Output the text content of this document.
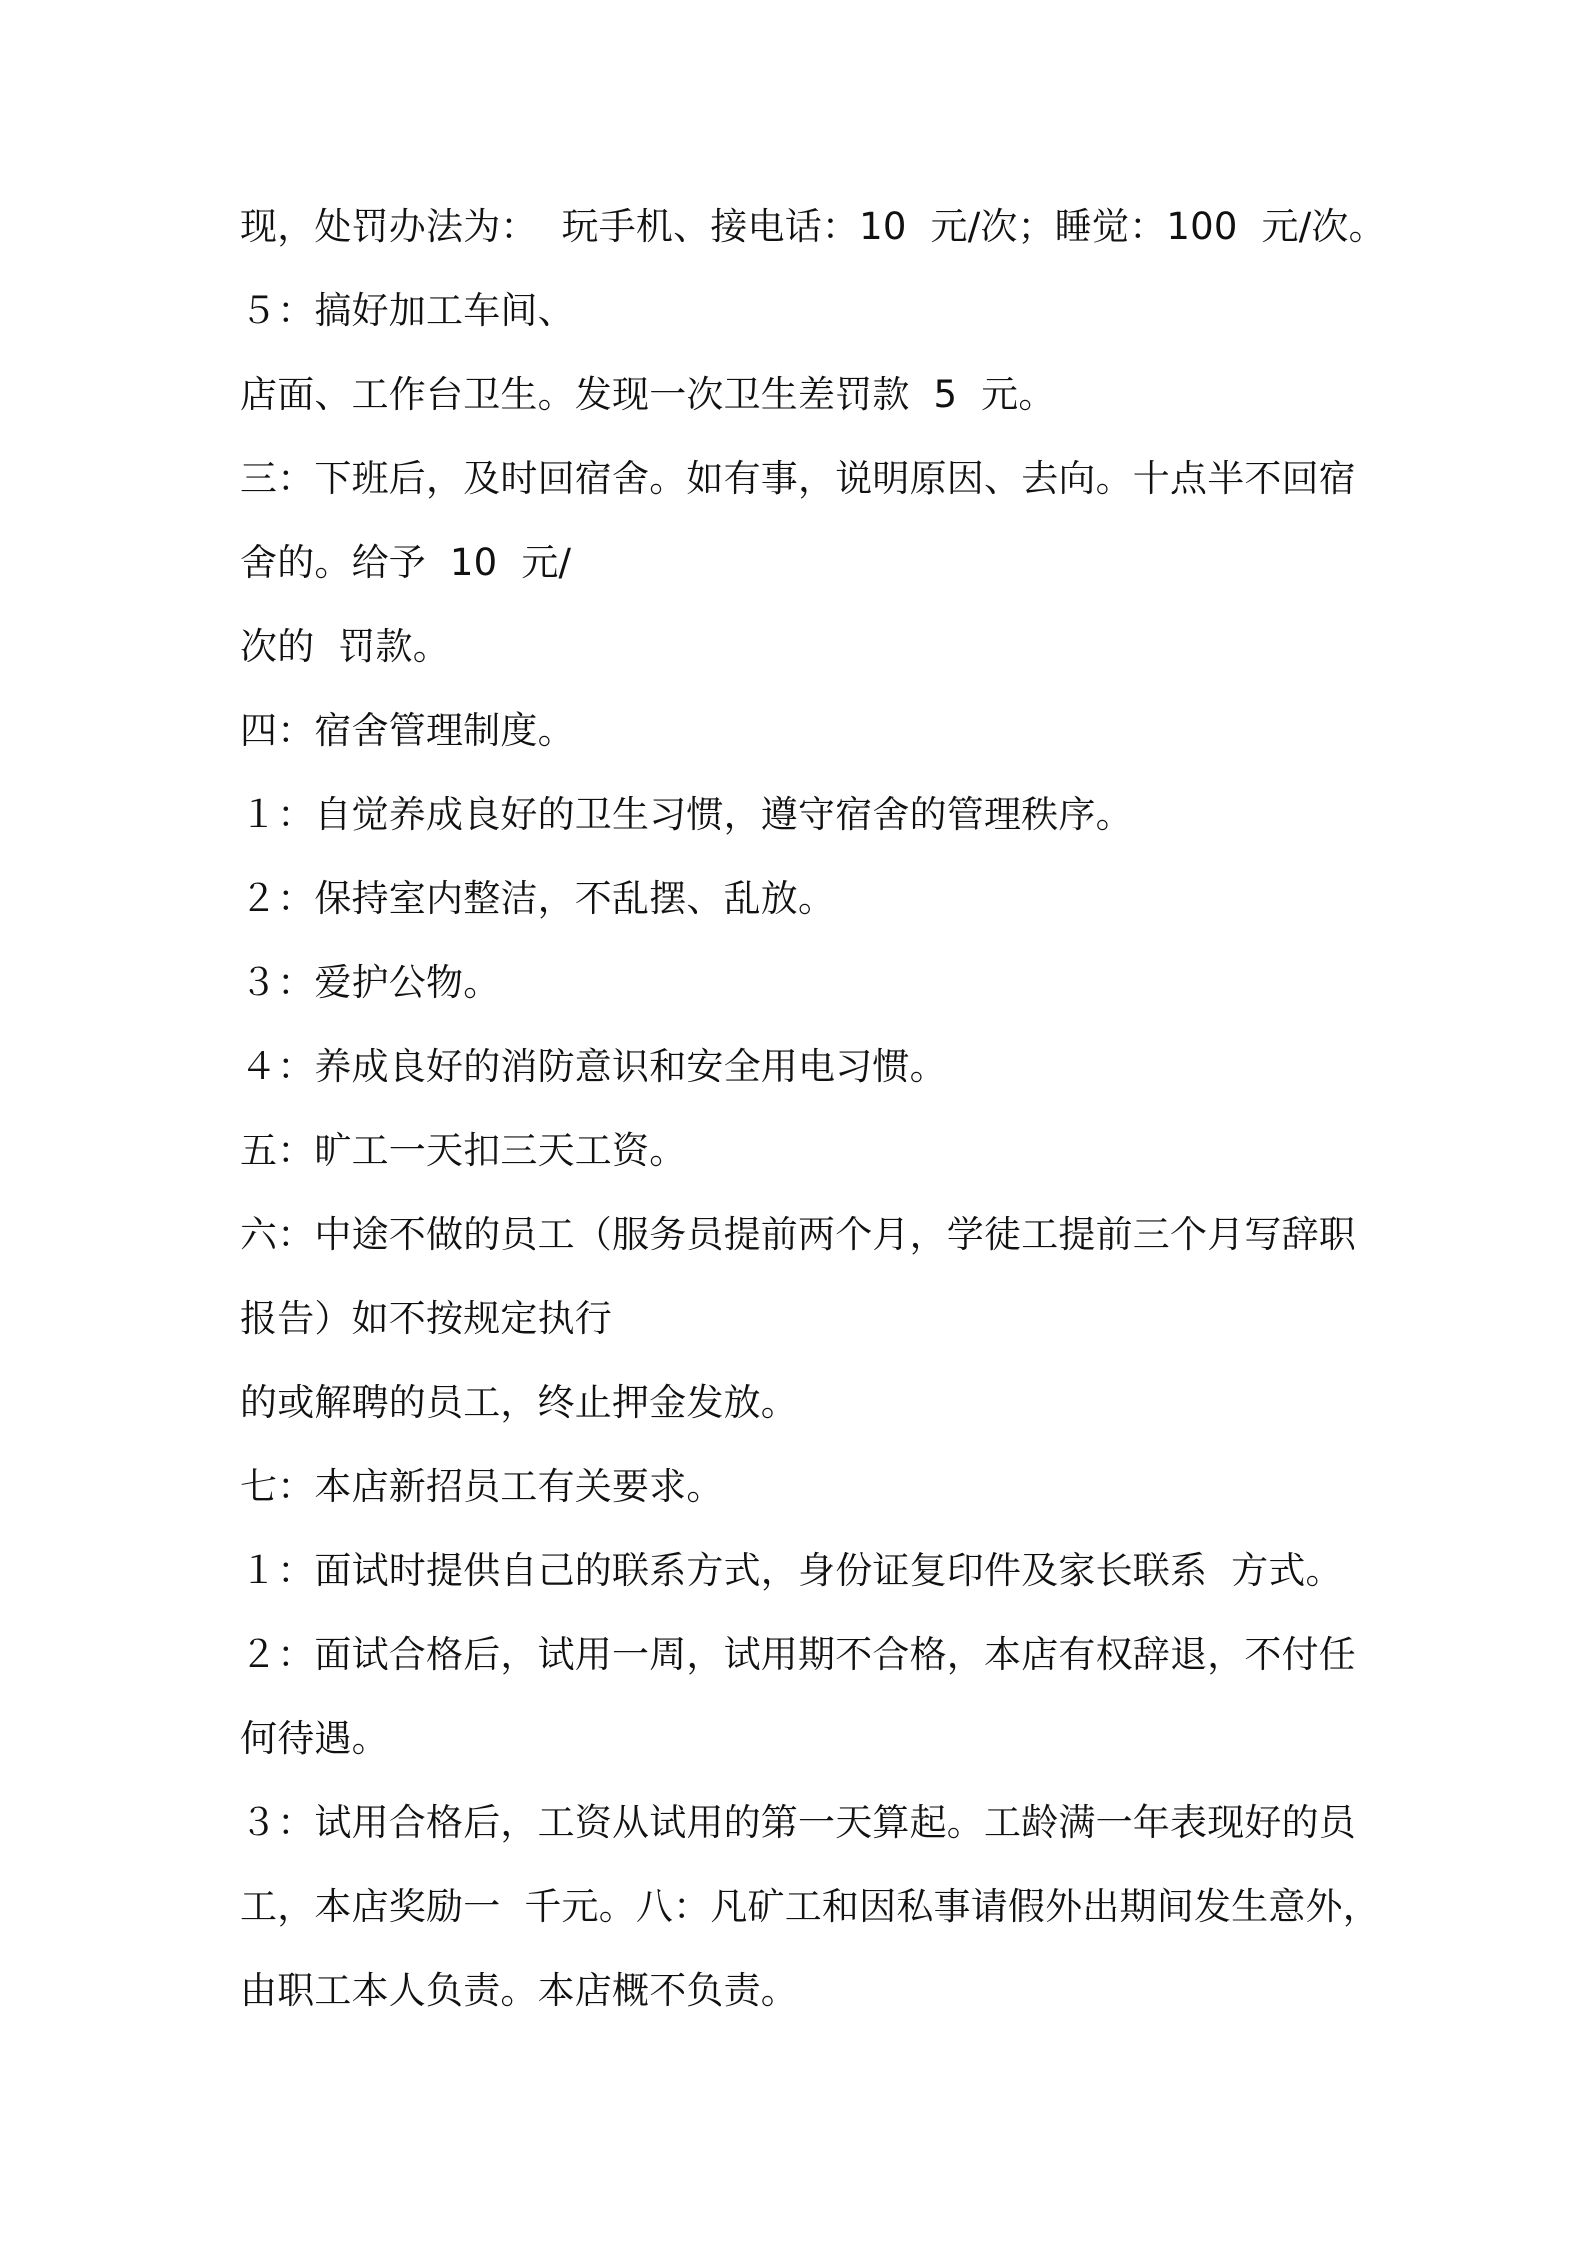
现，处罚办法为：  玩手机、接电话：10  元/次；睡觉：100  元/次。
５：搞好加工车间、
店面、工作台卫生。发现一次卫生差罚款  5  元。
三：下班后，及时回宿舍。如有事，说明原因、去向。十点半不回宿
舍的。给予  10  元/
次的  罚款。
四：宿舍管理制度。
１：自觉养成良好的卫生习惯，遵守宿舍的管理秩序。
２：保持室内整洁，不乱摆、乱放。
３：爱护公物。
４：养成良好的消防意识和安全用电习惯。
五：旷工一天扣三天工资。
六：中途不做的员工（服务员提前两个月，学徒工提前三个月写辞职
报告）如不按规定执行
的或解聘的员工，终止押金发放。
七：本店新招员工有关要求。
１：面试时提供自己的联系方式，身份证复印件及家长联系  方式。
２：面试合格后，试用一周，试用期不合格，本店有权辞退，不付任
何待遇。
３：试用合格后，工资从试用的第一天算起。工龄满一年表现好的员
工，本店奖励一  千元。八：凡矿工和因私事请假外出期间发生意外，
由职工本人负责。本店概不负责。
